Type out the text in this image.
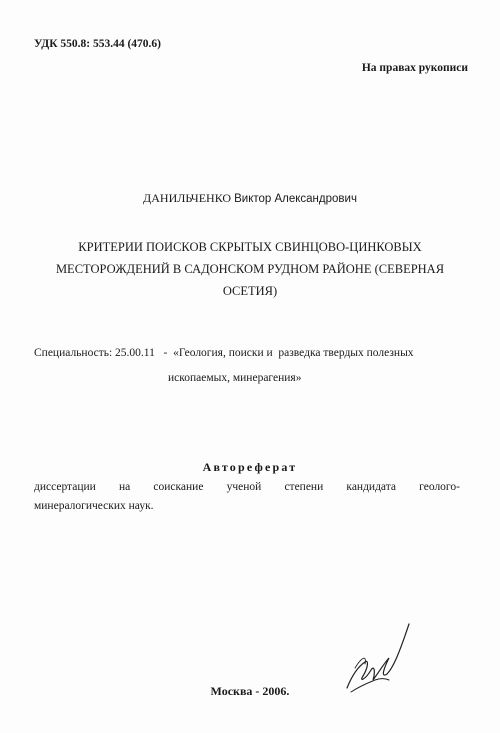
УДК 550.8: 553.44 (470.6)
На правах рукописи
ДАНИЛЬЧЕНКО Виктор Александрович
КРИТЕРИИ ПОИСКОВ СКРЫТЫХ СВИНЦОВО-ЦИНКОВЫХ
МЕСТОРОЖДЕНИЙ В САДОНСКОМ РУДНОМ РАЙОНЕ (СЕВЕРНАЯ
ОСЕТИЯ)
Специальность: 25.00.11   -  «Геология, поиски и  разведка твердых полезных
ископаемых, минерагения»
Автореферат
диссертации на соискание ученой степени кандидата геолого-
минералогических наук.
Москва - 2006.
